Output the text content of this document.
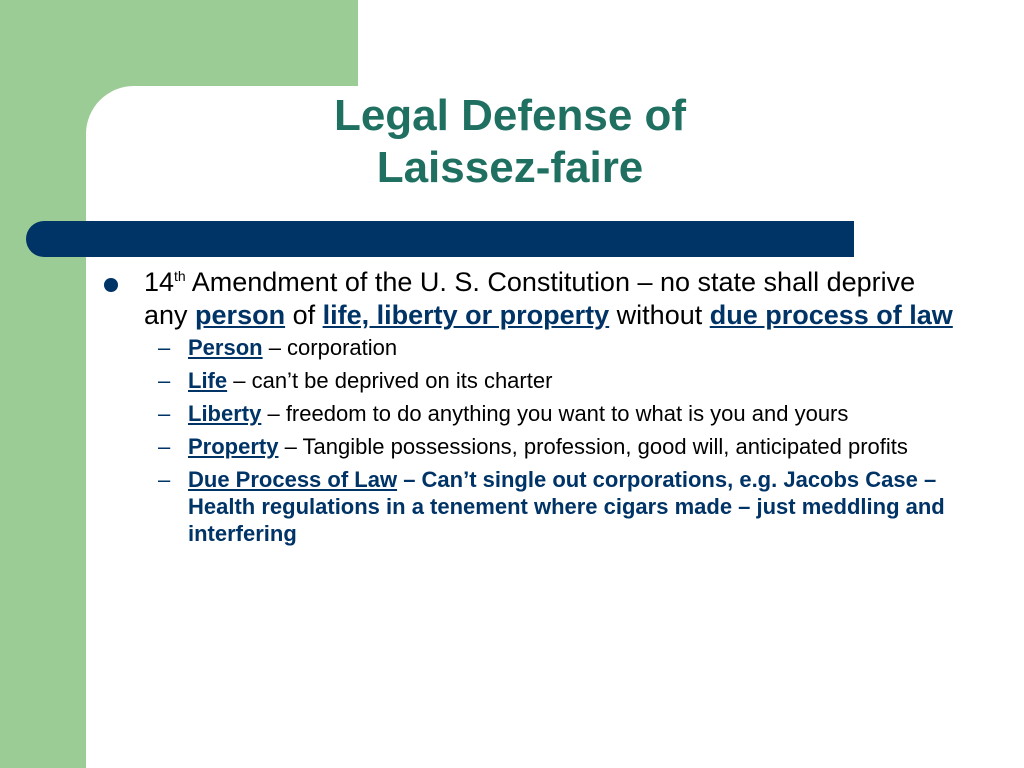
Legal Defense of
Laissez-faire
14th Amendment of the U. S. Constitution – no state shall deprive any person of life, liberty or property without due process of law
– Person – corporation
– Life – can’t be deprived on its charter
– Liberty – freedom to do anything you want to what is you and yours
– Property – Tangible possessions, profession, good will, anticipated profits
– Due Process of Law – Can’t single out corporations, e.g. Jacobs Case – Health regulations in a tenement where cigars made – just meddling and interfering
